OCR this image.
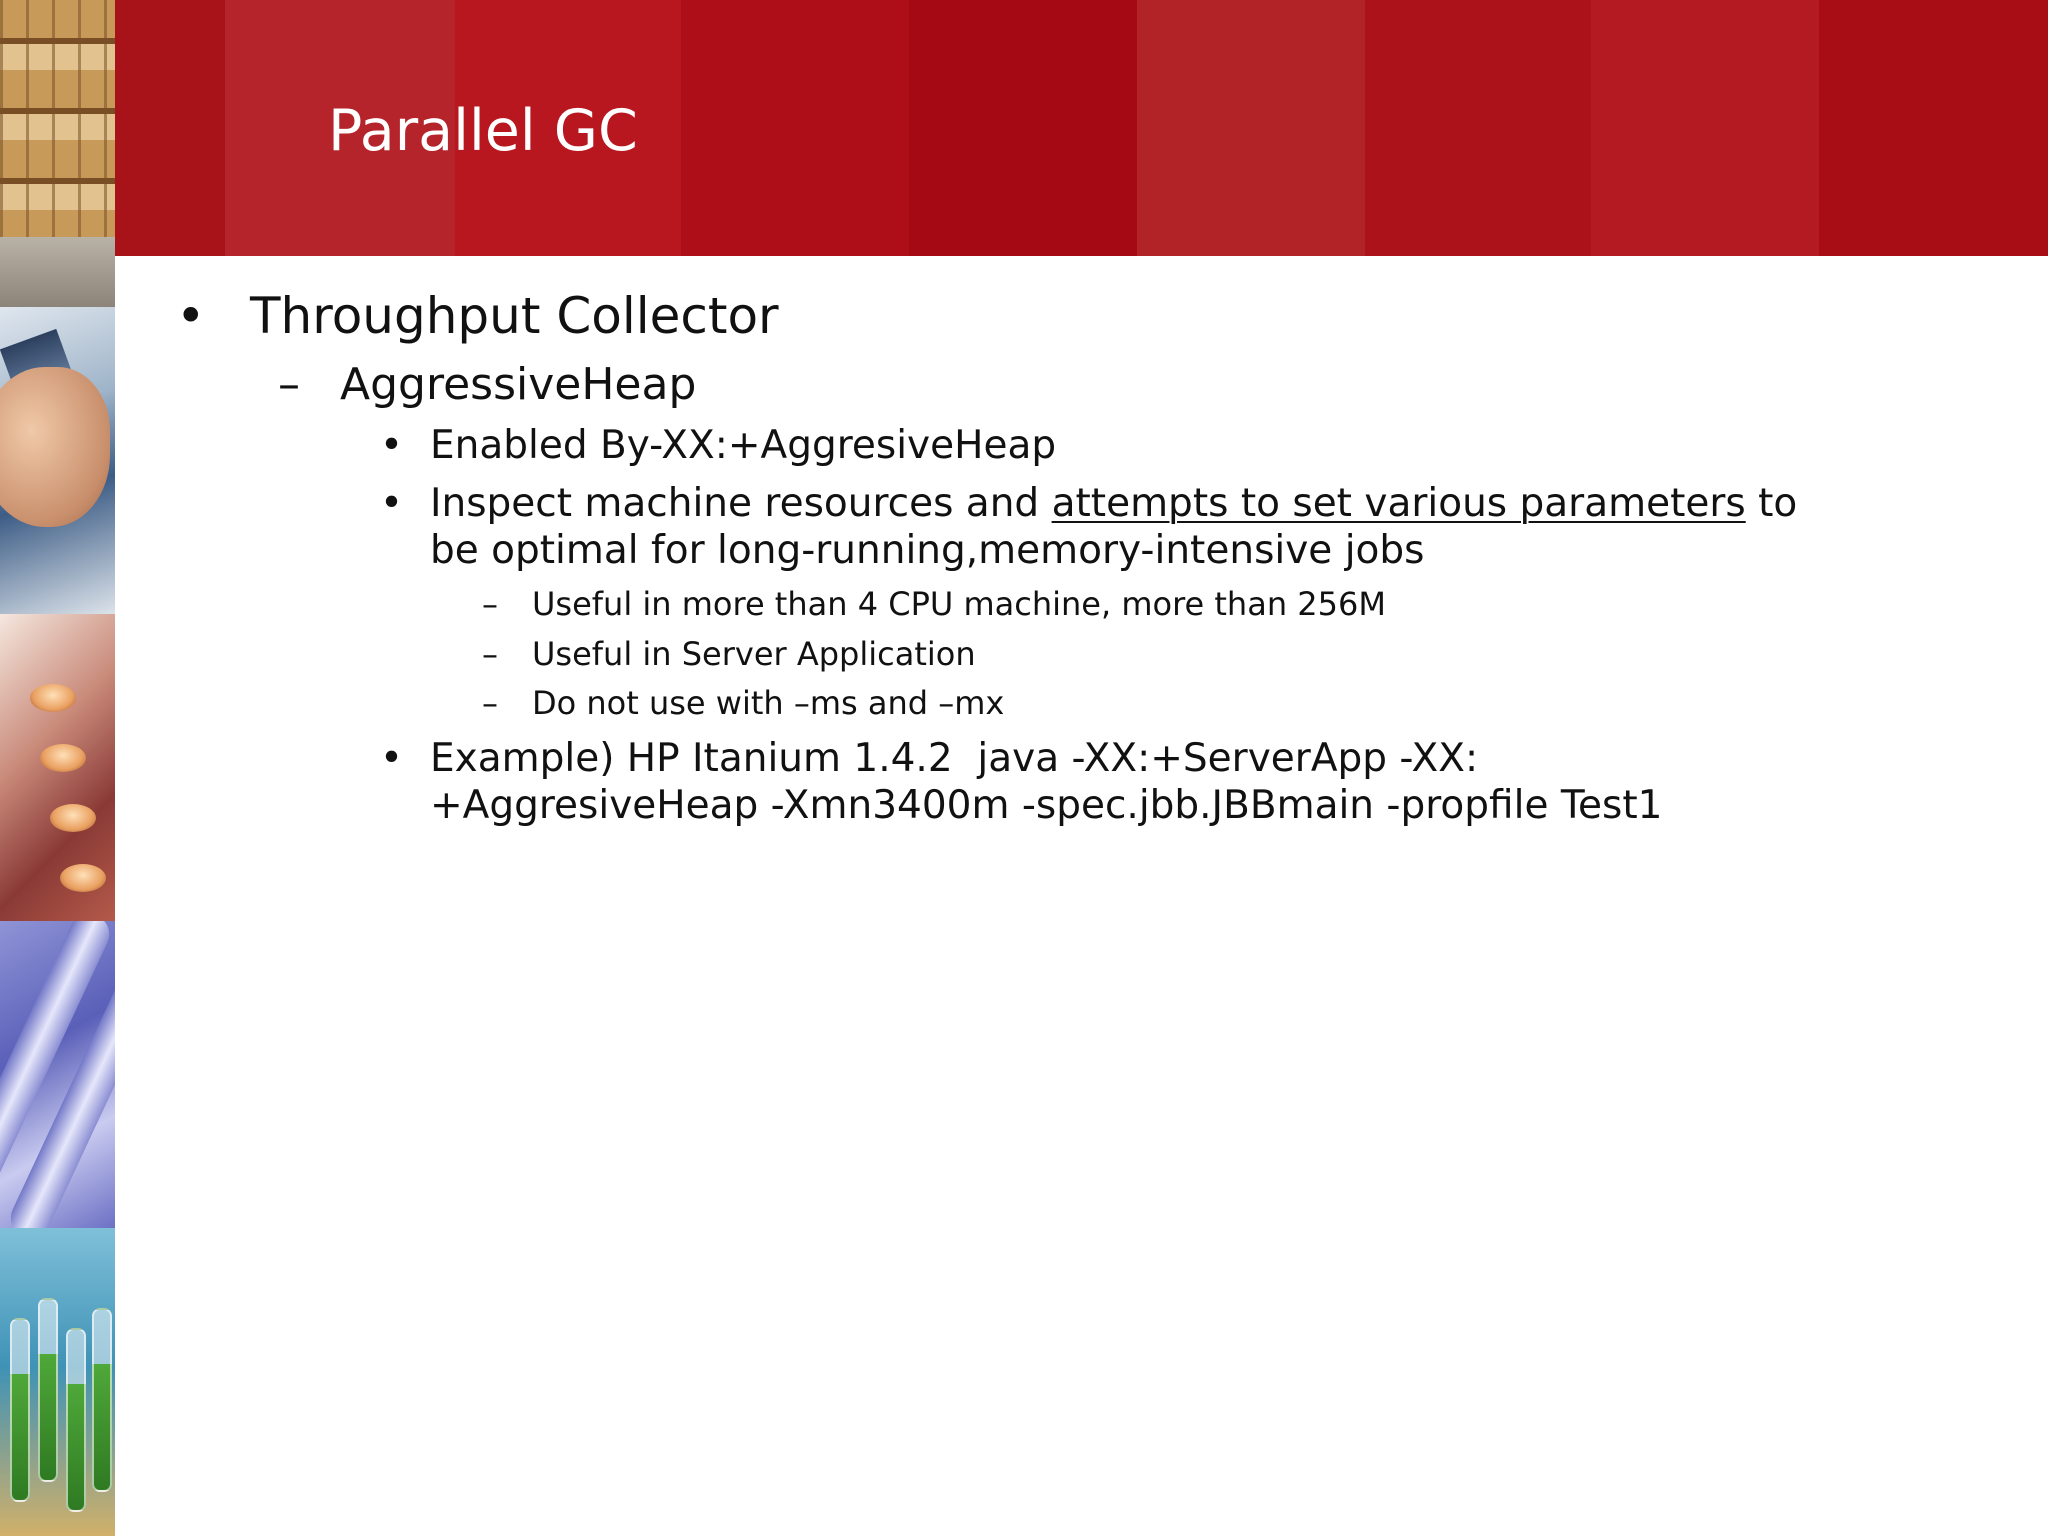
Parallel GC
• Throughput Collector
– AggressiveHeap
• Enabled By-XX:+AggresiveHeap
• Inspect machine resources and attempts to set various parameters to
be optimal for long-running,memory-intensive jobs
– Useful in more than 4 CPU machine, more than 256M
– Useful in Server Application
– Do not use with –ms and –mx
• Example) HP Itanium 1.4.2  java -XX:+ServerApp -XX:
+AggresiveHeap -Xmn3400m -spec.jbb.JBBmain -propfile Test1
